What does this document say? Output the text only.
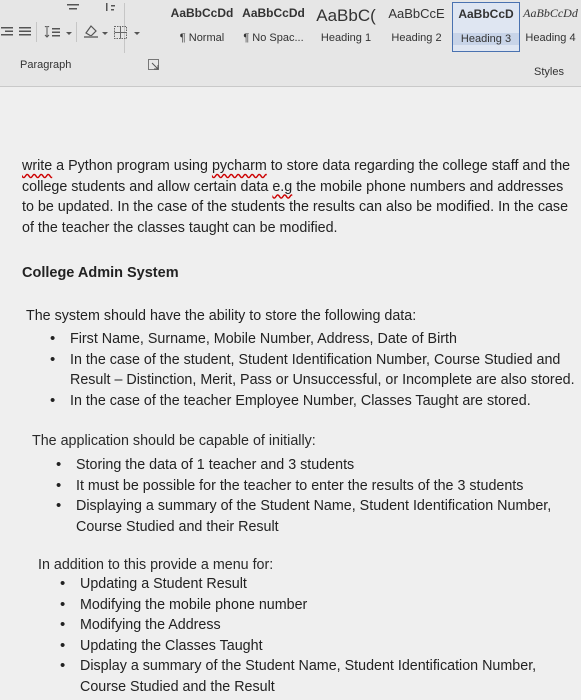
Paragraph
AaBbCcDd
¶ Normal
AaBbCcDd
¶ No Spac...
AaBbC(
Heading 1
AaBbCcE
Heading 2
AaBbCcD
Heading 3
AaBbCcDd
Heading 4
Styles

write a Python program using pycharm to store data regarding the college staff and the college students and allow certain data e.g the mobile phone numbers and addresses to be updated. In the case of the students the results can also be modified. In the case of the teacher the classes taught can be modified.

College Admin System

The system should have the ability to store the following data:

• First Name, Surname, Mobile Number, Address, Date of Birth
• In the case of the student, Student Identification Number, Course Studied and Result – Distinction, Merit, Pass or Unsuccessful, or Incomplete are also stored.
• In the case of the teacher Employee Number, Classes Taught are stored.

The application should be capable of initially:

• Storing the data of 1 teacher and 3 students
• It must be possible for the teacher to enter the results of the 3 students
• Displaying a summary of the Student Name, Student Identification Number, Course Studied and their Result

In addition to this provide a menu for:

• Updating a Student Result
• Modifying the mobile phone number
• Modifying the Address
• Updating the Classes Taught
• Display a summary of the Student Name, Student Identification Number, Course Studied and the Result
